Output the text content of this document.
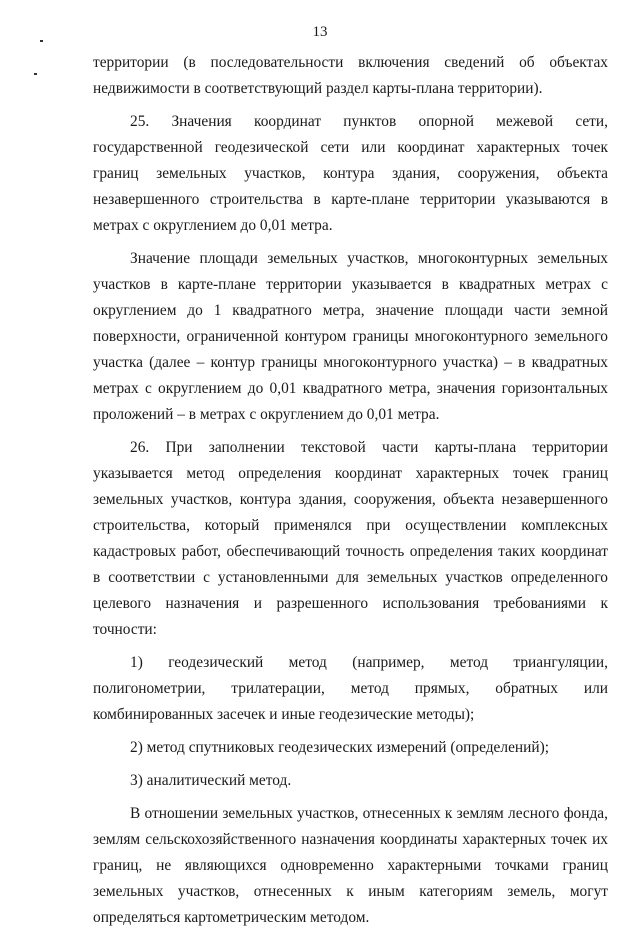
13

территории (в последовательности включения сведений об объектах недвижимости в соответствующий раздел карты-плана территории).

25. Значения координат пунктов опорной межевой сети, государственной геодезической сети или координат характерных точек границ земельных участков, контура здания, сооружения, объекта незавершенного строительства в карте-плане территории указываются в метрах с округлением до 0,01 метра.

Значение площади земельных участков, многоконтурных земельных участков в карте-плане территории указывается в квадратных метрах с округлением до 1 квадратного метра, значение площади части земной поверхности, ограниченной контуром границы многоконтурного земельного участка (далее – контур границы многоконтурного участка) – в квадратных метрах с округлением до 0,01 квадратного метра, значения горизонтальных проложений – в метрах с округлением до 0,01 метра.

26. При заполнении текстовой части карты-плана территории указывается метод определения координат характерных точек границ земельных участков, контура здания, сооружения, объекта незавершенного строительства, который применялся при осуществлении комплексных кадастровых работ, обеспечивающий точность определения таких координат в соответствии с установленными для земельных участков определенного целевого назначения и разрешенного использования требованиями к точности:

1) геодезический метод (например, метод триангуляции, полигонометрии, трилатерации, метод прямых, обратных или комбинированных засечек и иные геодезические методы);

2) метод спутниковых геодезических измерений (определений);

3) аналитический метод.

В отношении земельных участков, отнесенных к землям лесного фонда, землям сельскохозяйственного назначения координаты характерных точек их границ, не являющихся одновременно характерными точками границ земельных участков, отнесенных к иным категориям земель, могут определяться картометрическим методом.
